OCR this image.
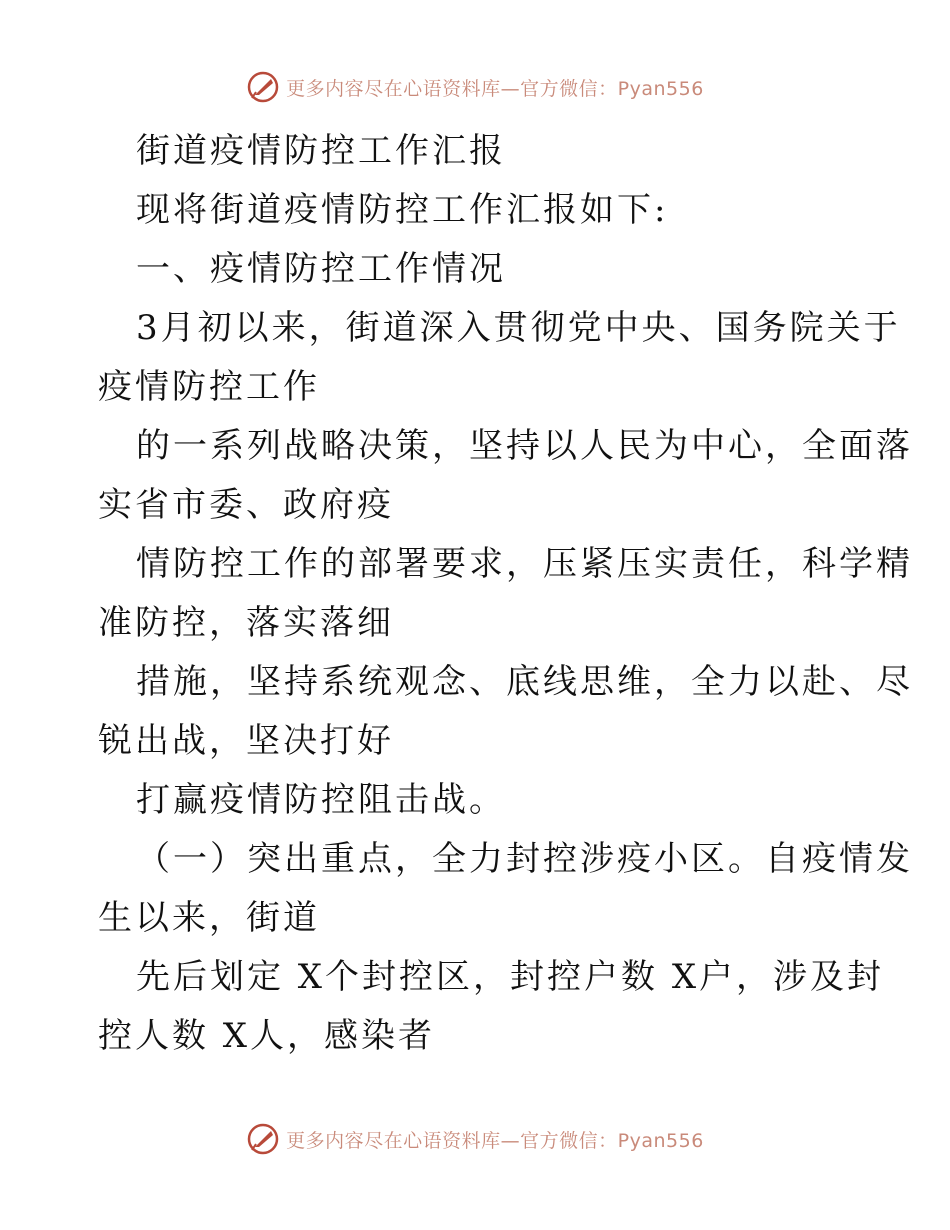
更多内容尽在心语资料库—官方微信：Pyan556
街道疫情防控工作汇报
现将街道疫情防控工作汇报如下:
一、疫情防控工作情况
3月初以来，街道深入贯彻党中央、国务院关于
疫情防控工作
的一系列战略决策，坚持以人民为中心，全面落
实省市委、政府疫
情防控工作的部署要求，压紧压实责任，科学精
准防控，落实落细
措施，坚持系统观念、底线思维，全力以赴、尽
锐出战，坚决打好
打赢疫情防控阻击战。
（一）突出重点，全力封控涉疫小区。自疫情发
生以来，街道
先后划定 X个封控区，封控户数 X户，涉及封
控人数 X人，感染者
更多内容尽在心语资料库—官方微信：Pyan556
